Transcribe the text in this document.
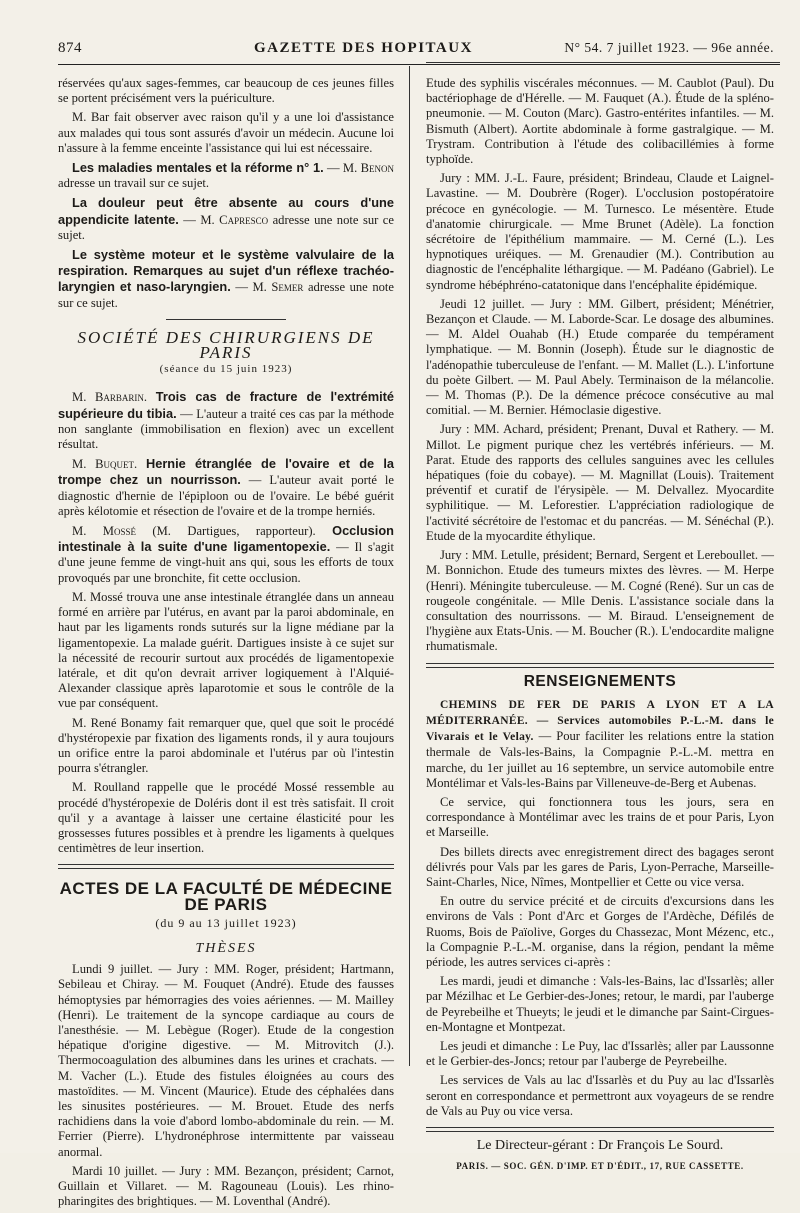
874	GAZETTE DES HOPITAUX	N° 54. 7 juillet 1923. — 96e année.

réservées qu'aux sages-femmes, car beaucoup de ces jeunes filles se portent précisément vers la puériculture.

M. Bar fait observer avec raison qu'il y a une loi d'assistance aux malades qui tous sont assurés d'avoir un médecin. Aucune loi n'assure à la femme enceinte l'assistance qui lui est nécessaire.

Les maladies mentales et la réforme n° 1. — M. Benon adresse un travail sur ce sujet.

La douleur peut être absente au cours d'une appendicite latente. — M. Capresco adresse une note sur ce sujet.

Le système moteur et le système valvulaire de la respiration. Remarques au sujet d'un réflexe trachéo-laryngien et naso-laryngien. — M. Semer adresse une note sur ce sujet.

SOCIÉTÉ DES CHIRURGIENS DE PARIS
(séance du 15 juin 1923)

M. Barbarin. Trois cas de fracture de l'extrémité supérieure du tibia. — L'auteur a traité ces cas par la méthode non sanglante (immobilisation en flexion) avec un excellent résultat.

M. Buquet. Hernie étranglée de l'ovaire et de la trompe chez un nourrisson. — L'auteur avait porté le diagnostic d'hernie de l'épiploon ou de l'ovaire. Le bébé guérit après kélotomie et résection de l'ovaire et de la trompe herniés.

M. Mossé (M. Dartigues, rapporteur). Occlusion intestinale à la suite d'une ligamentopexie. — Il s'agit d'une jeune femme de vingt-huit ans qui, sous les efforts de toux provoqués par une bronchite, fit cette occlusion.

M. Mossé trouva une anse intestinale étranglée dans un anneau formé en arrière par l'utérus, en avant par la paroi abdominale, en haut par les ligaments ronds suturés sur la ligne médiane par la ligamentopexie. La malade guérit. Dartigues insiste à ce sujet sur la nécessité de recourir surtout aux procédés de ligamentopexie latérale, et dit qu'on devrait arriver logiquement à l'Alquié-Alexander classique après laparotomie et sous le contrôle de la vue par conséquent.

M. René Bonamy fait remarquer que, quel que soit le procédé d'hystéropexie par fixation des ligaments ronds, il y aura toujours un orifice entre la paroi abdominale et l'utérus par où l'intestin pourra s'étrangler.

M. Roulland rappelle que le procédé Mossé ressemble au procédé d'hystéropexie de Doléris dont il est très satisfait. Il croit qu'il y a avantage à laisser une certaine élasticité pour les grossesses futures possibles et à prendre les ligaments à quelques centimètres de leur insertion.

ACTES DE LA FACULTÉ DE MÉDECINE DE PARIS
(du 9 au 13 juillet 1923)
THÈSES

Lundi 9 juillet. — Jury : MM. Roger, président; Hartmann, Sebileau et Chiray. — M. Fouquet (André). Etude des fausses hémoptysies par hémorragies des voies aériennes. — M. Mailley (Henri). Le traitement de la syncope cardiaque au cours de l'anesthésie. — M. Lebègue (Roger). Etude de la congestion hépatique d'origine digestive. — M. Mitrovitch (J.). Thermocoagulation des albumines dans les urines et crachats. — M. Vacher (L.). Etude des fistules éloignées au cours des mastoïdites. — M. Vincent (Maurice). Etude des céphalées dans les sinusites postérieures. — M. Brouet. Etude des nerfs rachidiens dans la voie d'abord lombo-abdominale du rein. — M. Ferrier (Pierre). L'hydronéphrose intermittente par vaisseau anormal.

Mardi 10 juillet. — Jury : MM. Bezançon, président; Carnot, Guillain et Villaret. — M. Ragouneau (Louis). Les rhino-pharingites des brightiques. — M. Loventhal (André).

Etude des syphilis viscérales méconnues. — M. Caublot (Paul). Du bactériophage de d'Hérelle. — M. Fauquet (A.). Étude de la spléno-pneumonie. — M. Couton (Marc). Gastro-entérites infantiles. — M. Bismuth (Albert). Aortite abdominale à forme gastralgique. — M. Trystram. Contribution à l'étude des colibacillémies à forme typhoïde.

Jury : MM. J.-L. Faure, président; Brindeau, Claude et Laignel-Lavastine. — M. Doubrère (Roger). L'occlusion postopératoire précoce en gynécologie. — M. Turnesco. Le mésentère. Etude d'anatomie chirurgicale. — Mme Brunet (Adèle). La fonction sécrétoire de l'épithélium mammaire. — M. Cerné (L.). Les hypnotiques uréiques. — M. Grenaudier (M.). Contribution au diagnostic de l'encéphalite léthargique. — M. Padéano (Gabriel). Le syndrome hébéphréno-catatonique dans l'encéphalite épidémique.

Jeudi 12 juillet. — Jury : MM. Gilbert, président; Ménétrier, Bezançon et Claude. — M. Laborde-Scar. Le dosage des albumines. — M. Aldel Ouahab (H.) Etude comparée du tempérament lymphatique. — M. Bonnin (Joseph). Étude sur le diagnostic de l'adénopathie tuberculeuse de l'enfant. — M. Mallet (L.). L'infortune du poète Gilbert. — M. Paul Abely. Terminaison de la mélancolie. — M. Thomas (P.). De la démence précoce consécutive au mal comitial. — M. Bernier. Hémoclasie digestive.

Jury : MM. Achard, président; Prenant, Duval et Rathery. — M. Millot. Le pigment purique chez les vertébrés inférieurs. — M. Parat. Etude des rapports des cellules sanguines avec les cellules hépatiques (foie du cobaye). — M. Magnillat (Louis). Traitement préventif et curatif de l'érysipèle. — M. Delvallez. Myocardite syphilitique. — M. Leforestier. L'appréciation radiologique de l'activité sécrétoire de l'estomac et du pancréas. — M. Sénéchal (P.). Etude de la myocardite éthylique.

Jury : MM. Letulle, président; Bernard, Sergent et Lereboullet. — M. Bonnichon. Etude des tumeurs mixtes des lèvres. — M. Herpe (Henri). Méningite tuberculeuse. — M. Cogné (René). Sur un cas de rougeole congénitale. — Mlle Denis. L'assistance sociale dans la consultation des nourrissons. — M. Biraud. L'enseignement de l'hygiène aux Etats-Unis. — M. Boucher (R.). L'endocardite maligne rhumatismale.

RENSEIGNEMENTS

CHEMINS DE FER DE PARIS A LYON ET A LA MÉDITERRANÉE. — Services automobiles P.-L.-M. dans le Vivarais et le Velay. — Pour faciliter les relations entre la station thermale de Vals-les-Bains, la Compagnie P.-L.-M. mettra en marche, du 1er juillet au 16 septembre, un service automobile entre Montélimar et Vals-les-Bains par Villeneuve-de-Berg et Aubenas.

Ce service, qui fonctionnera tous les jours, sera en correspondance à Montélimar avec les trains de et pour Paris, Lyon et Marseille.

Des billets directs avec enregistrement direct des bagages seront délivrés pour Vals par les gares de Paris, Lyon-Perrache, Marseille-Saint-Charles, Nice, Nîmes, Montpellier et Cette ou vice versa.

En outre du service précité et de circuits d'excursions dans les environs de Vals : Pont d'Arc et Gorges de l'Ardèche, Défilés de Ruoms, Bois de Païolive, Gorges du Chassezac, Mont Mézenc, etc., la Compagnie P.-L.-M. organise, dans la région, pendant la même période, les autres services ci-après :

Les mardi, jeudi et dimanche : Vals-les-Bains, lac d'Issarlès; aller par Mézilhac et Le Gerbier-des-Jones; retour, le mardi, par l'auberge de Peyrebeilhe et Thueyts; le jeudi et le dimanche par Saint-Cirgues-en-Montagne et Montpezat.

Les jeudi et dimanche : Le Puy, lac d'Issarlès; aller par Laussonne et le Gerbier-des-Joncs; retour par l'auberge de Peyrebeilhe.

Les services de Vals au lac d'Issarlès et du Puy au lac d'Issarlès seront en correspondance et permettront aux voyageurs de se rendre de Vals au Puy ou vice versa.

Le Directeur-gérant : Dr François Le Sourd.
PARIS. — SOC. GÉN. D'IMP. ET D'ÉDIT., 17, RUE CASSETTE.
